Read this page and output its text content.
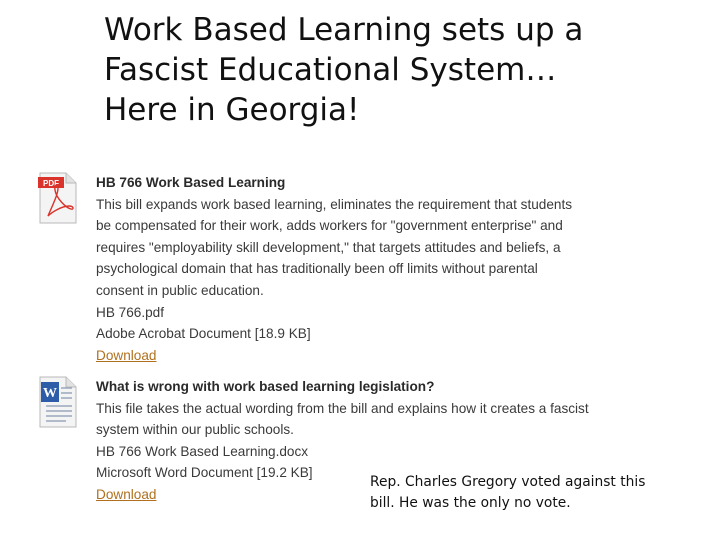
Work Based Learning sets up a
Fascist Educational System…
Here in Georgia!
PDF	HB 766 Work Based Learning
This bill expands work based learning, eliminates the requirement that students
be compensated for their work, adds workers for "government enterprise" and
requires "employability skill development," that targets attitudes and beliefs, a
psychological domain that has traditionally been off limits without parental
consent in public education.
HB 766.pdf
Adobe Acrobat Document [18.9 KB]
Download
W	What is wrong with work based learning legislation?
This file takes the actual wording from the bill and explains how it creates a fascist
system within our public schools.
HB 766 Work Based Learning.docx
Microsoft Word Document [19.2 KB]
Download
Rep. Charles Gregory voted against this
bill. He was the only no vote.
